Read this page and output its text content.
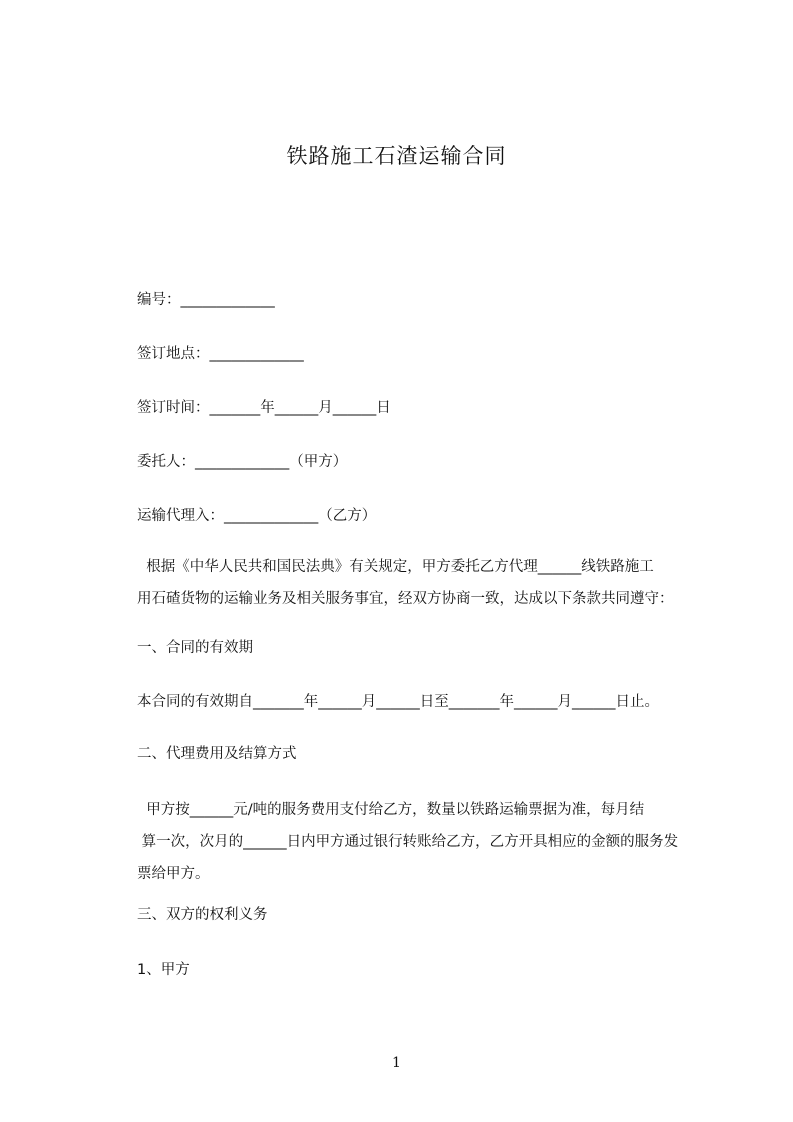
铁路施工石渣运输合同
编号：_____________
签订地点：_____________
签订时间：_______年______月______日
委托人：_____________（甲方）
运输代理入：_____________（乙方）
根据《中华人民共和国民法典》有关规定，甲方委托乙方代理______线铁路施工
用石碴货物的运输业务及相关服务事宜，经双方协商一致，达成以下条款共同遵守：
一、合同的有效期
本合同的有效期自_______年______月______日至_______年______月______日止。
二、代理费用及结算方式
甲方按______元/吨的服务费用支付给乙方，数量以铁路运输票据为准，每月结
算一次，次月的______日内甲方通过银行转账给乙方，乙方开具相应的金额的服务发
票给甲方。
三、双方的权利义务
1、甲方
1
